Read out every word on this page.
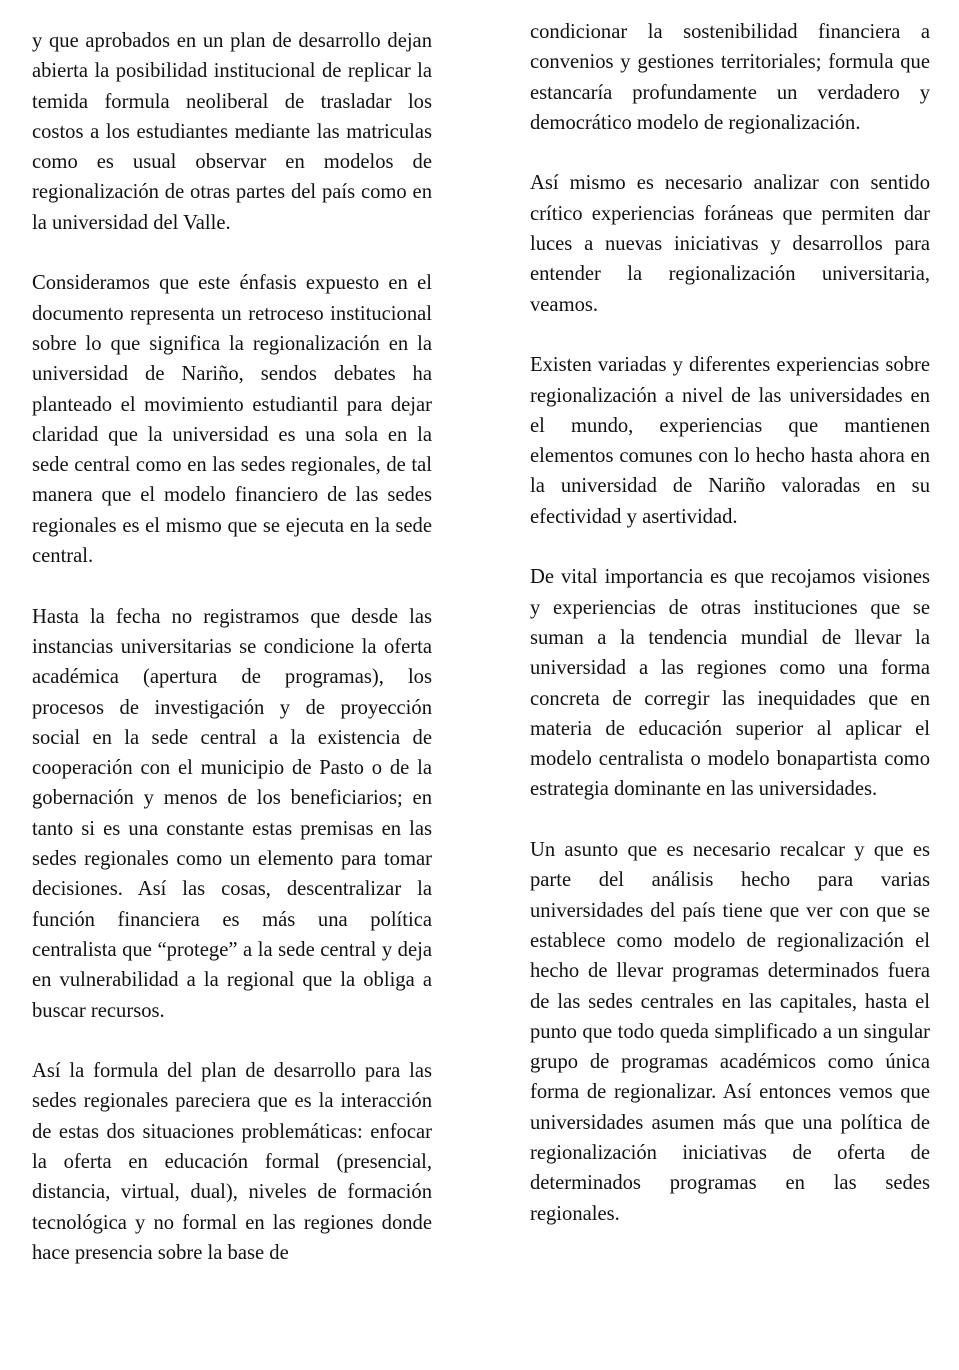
y que aprobados en un plan de desarrollo dejan abierta la posibilidad institucional de replicar la temida formula neoliberal de trasladar los costos a los estudiantes mediante las matriculas como es usual observar en modelos de regionalización de otras partes del país como en la universidad del Valle.

Consideramos que este énfasis expuesto en el documento representa un retroceso institucional sobre lo que significa la regionalización en la universidad de Nariño, sendos debates ha planteado el movimiento estudiantil para dejar claridad que la universidad es una sola en la sede central como en las sedes regionales, de tal manera que el modelo financiero de las sedes regionales es el mismo que se ejecuta en la sede central.

Hasta la fecha no registramos que desde las instancias universitarias se condicione la oferta académica (apertura de programas), los procesos de investigación y de proyección social en la sede central a la existencia de cooperación con el municipio de Pasto o de la gobernación y menos de los beneficiarios; en tanto si es una constante estas premisas en las sedes regionales como un elemento para tomar decisiones. Así las cosas, descentralizar la función financiera es más una política centralista que “protege” a la sede central y deja en vulnerabilidad a la regional que la obliga a buscar recursos.

Así la formula del plan de desarrollo para las sedes regionales pareciera que es la interacción de estas dos situaciones problemáticas: enfocar la oferta en educación formal (presencial, distancia, virtual, dual), niveles de formación tecnológica y no formal en las regiones donde hace presencia sobre la base de

condicionar la sostenibilidad financiera a convenios y gestiones territoriales; formula que estancaría profundamente un verdadero y democrático modelo de regionalización.

Así mismo es necesario analizar con sentido crítico experiencias foráneas que permiten dar luces a nuevas iniciativas y desarrollos para entender la regionalización universitaria, veamos.

Existen variadas y diferentes experiencias sobre regionalización a nivel de las universidades en el mundo, experiencias que mantienen elementos comunes con lo hecho hasta ahora en la universidad de Nariño valoradas en su efectividad y asertividad.

De vital importancia es que recojamos visiones y experiencias de otras instituciones que se suman a la tendencia mundial de llevar la universidad a las regiones como una forma concreta de corregir las inequidades que en materia de educación superior al aplicar el modelo centralista o modelo bonapartista como estrategia dominante en las universidades.

Un asunto que es necesario recalcar y que es parte del análisis hecho para varias universidades del país tiene que ver con que se establece como modelo de regionalización el hecho de llevar programas determinados fuera de las sedes centrales en las capitales, hasta el punto que todo queda simplificado a un singular grupo de programas académicos como única forma de regionalizar. Así entonces vemos que universidades asumen más que una política de regionalización iniciativas de oferta de determinados programas en las sedes regionales.
